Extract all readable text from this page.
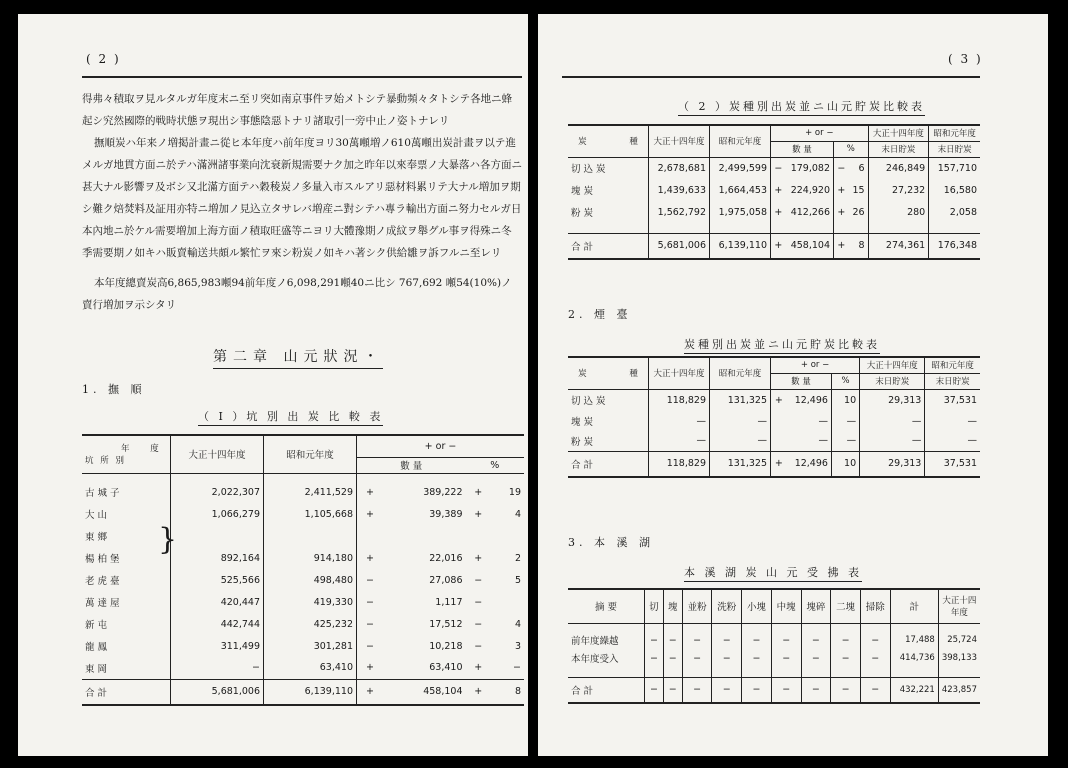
( 2 )

得弗々積取ヲ見ルタルガ年度末ニ至リ突如南京事件ヲ始メトシテ暴動頻々タトシテ各地ニ蜂起シ究然國際的戦時状態ヲ現出シ事態陰惡トナリ諸取引一旁中止ノ姿トナレリ

撫順炭ハ年来ノ増掲計畫ニ從ヒ本年度ハ前年度ヨリ30萬噸増ノ610萬噸出炭計畫ヲ以テ進メルガ地貫方面ニ於テハ滿洲諸事業向沈衰新規需要ナク加之昨年以來奉票ノ大暴落ハ各方面ニ甚大ナル影響ヲ及ボシ又北滿方面テハ穀稜炭ノ多量入市スルアリ惡材料累リテ大ナル増加ヲ期シ難ク焙焚料及証用亦特ニ増加ノ見込立タサレバ増産ニ對シテハ專ラ輸出方面ニ努力セルガ日本內地ニ於ケル需要増加上海方面ノ積取旺盛等ニヨリ大體豫期ノ成紋ヲ舉グル事ヲ得殊ニ冬季需要期ノ如キハ販賣輸送共頗ル繁忙ヲ來シ粉炭ノ如キハ著シク供給雛ヲ訴フルニ至レリ

本年度總賣炭高6,865,983噸94前年度ノ6,098,291噸40ニ比シ 767,692 噸54(10%)ノ賣行増加ヲ示シタリ

第二章 山元狀況・
1. 撫 順
（ I ）坑 別 出 炭 比 較 表
年 度
坑 所 別	大正十四年度	昭和元年度	+ or −			
			數 量		%	

古 城 子	2,022,307	2,411,529	+	389,222	+	19
大 山	1,066,279	1,105,668	+	39,389	+	4
東 鄉						
楊 柏 堡	892,164	914,180	+	22,016	+	2
老 虎 臺	525,566	498,480	−	27,086	−	5
萬 達 屋	420,447	419,330	−	1,117	−	
新 屯	442,744	425,232	−	17,512	−	4
龍 鳳	311,499	301,281	−	10,218	−	3
東 岡	−	63,410	+	63,410	+	−
合 計	5,681,006	6,139,110	+	458,104	+	8
}
( 3 )
（ 2 ）炭種別出炭並ニ山元貯炭比較表
炭 種	大正十四年度	昭和元年度	+ or −				大正十四年度	昭和元年度
			數 量		%		末日貯炭	末日貯炭
切 込 炭	2,678,681	2,499,599	−	179,082	−	6	246,849	157,710
塊 炭	1,439,633	1,664,453	+	224,920	+	15	27,232	16,580
粉 炭	1,562,792	1,975,058	+	412,266	+	26	280	2,058

合 計	5,681,006	6,139,110	+	458,104	+	8	274,361	176,348
2. 煙 臺
炭種別出炭並ニ山元貯炭比較表
炭 種	大正十四年度	昭和元年度	+ or −				大正十四年度	昭和元年度
			數 量		%		末日貯炭	末日貯炭
切 込 炭	118,829	131,325	+	12,496		10	29,313	37,531
塊 炭	—	—		—		—	—	—
粉 炭	—	—		—		—	—	—
合 計	118,829	131,325	+	12,496		10	29,313	37,531
3. 本 溪 湖
本 溪 湖 炭 山 元 受 拂 表
摘 要	切	塊	並粉	洗粉	小塊	中塊	塊碎	二塊	掃除	計	大正十四年度

前年度繰越	−	−	−	−	−	−	−	−	−	17,488	25,724
本年度受入	−	−	−	−	−	−	−	−	−	414,736	398,133

合 計	−	−	−	−	−	−	−	−	−	432,221	423,857
